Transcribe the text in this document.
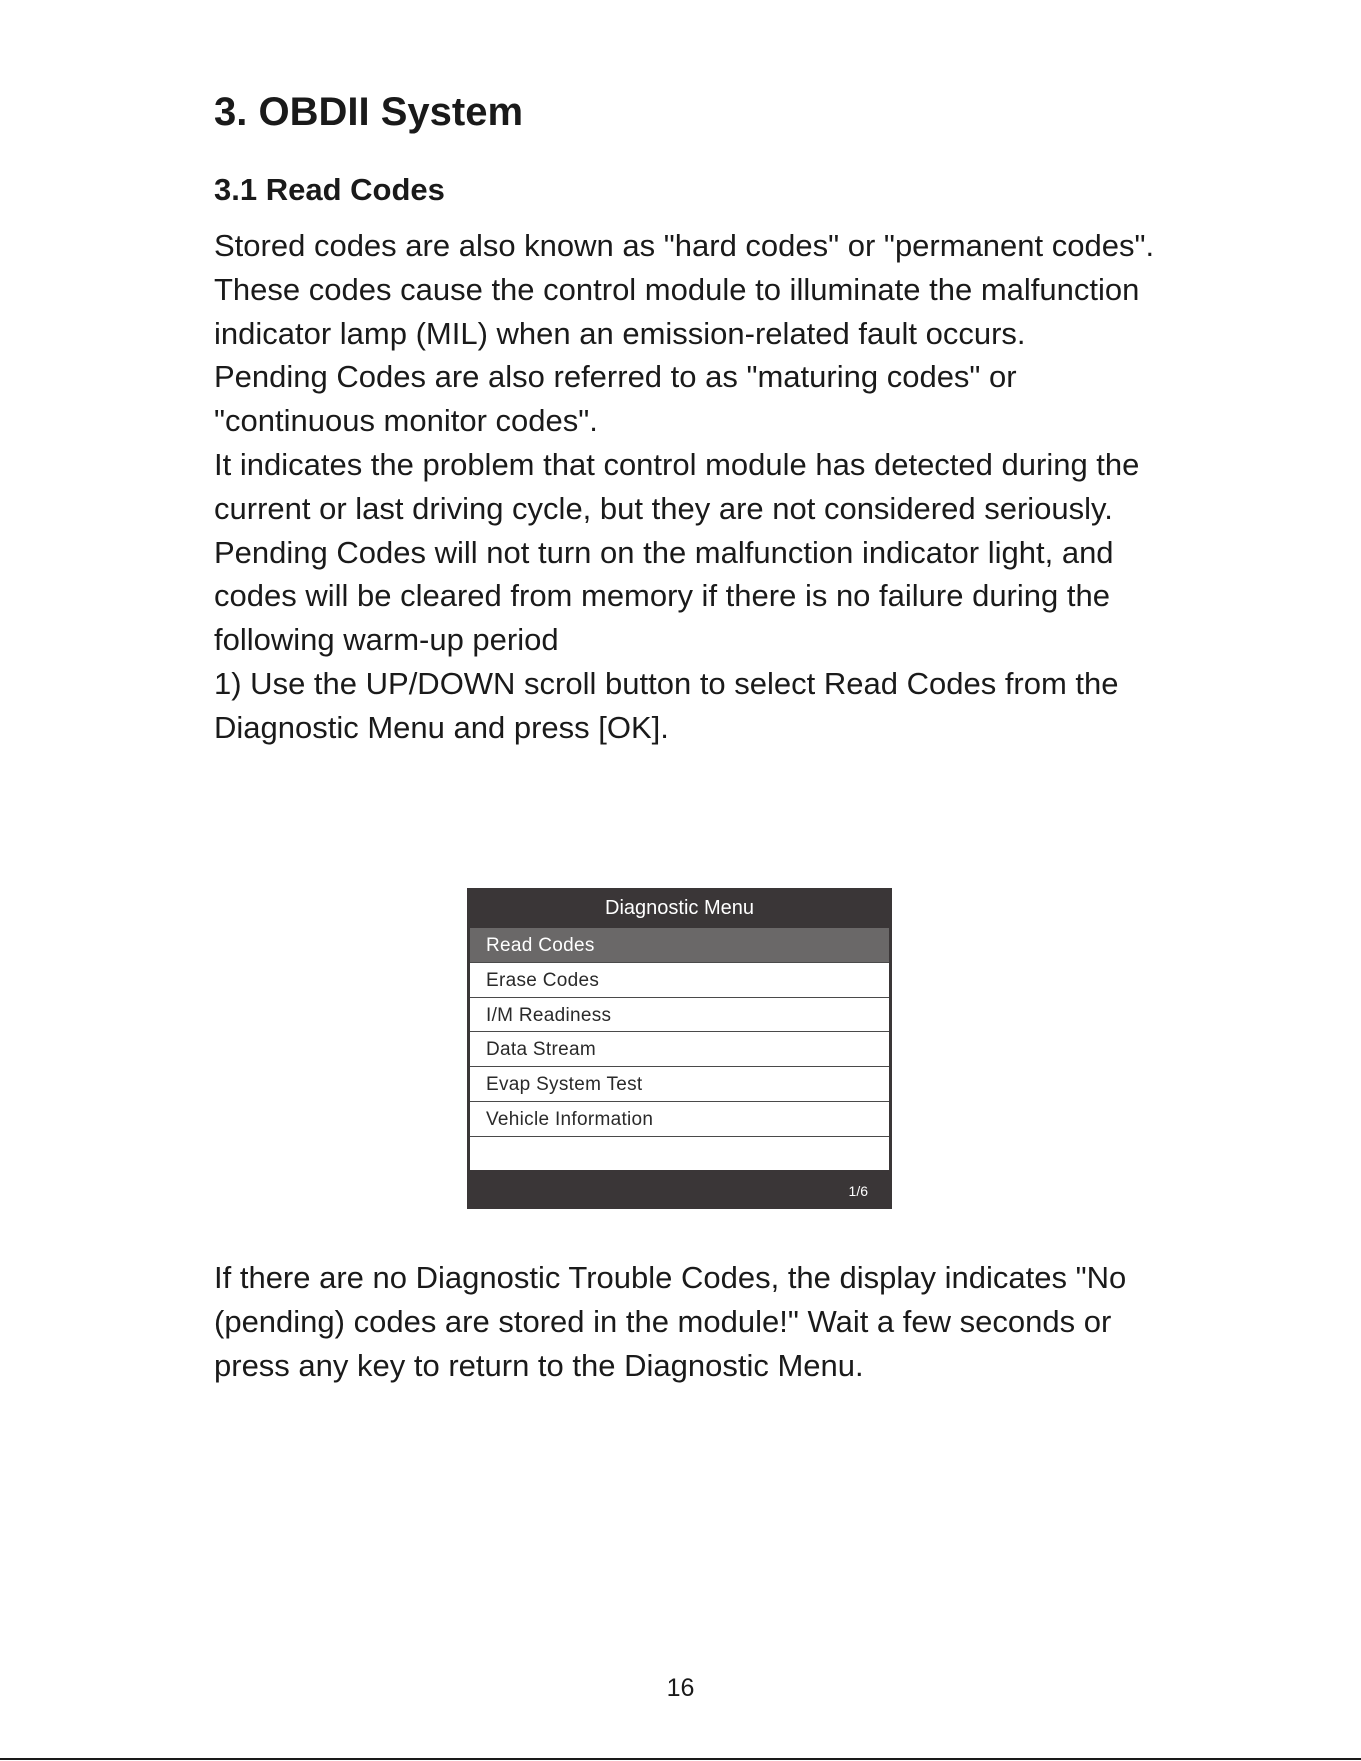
3. OBDII System
3.1 Read Codes

Stored codes are also known as "hard codes" or "permanent codes". These codes cause the control module to illuminate the malfunction indicator lamp (MIL) when an emission-related fault occurs.

Pending Codes are also referred to as "maturing codes" or "continuous monitor codes".

It indicates the problem that control module has detected during the current or last driving cycle, but they are not considered seriously.

Pending Codes will not turn on the malfunction indicator light, and codes will be cleared from memory if there is no failure during the following warm-up period

1) Use the UP/DOWN scroll button to select Read Codes from the Diagnostic Menu and press [OK].

Diagnostic Menu
Read Codes
Erase Codes
I/M Readiness
Data Stream
Evap System Test
Vehicle Information
1/6

If there are no Diagnostic Trouble Codes, the display indicates "No (pending) codes are stored in the module!" Wait a few seconds or press any key to return to the Diagnostic Menu.

16
